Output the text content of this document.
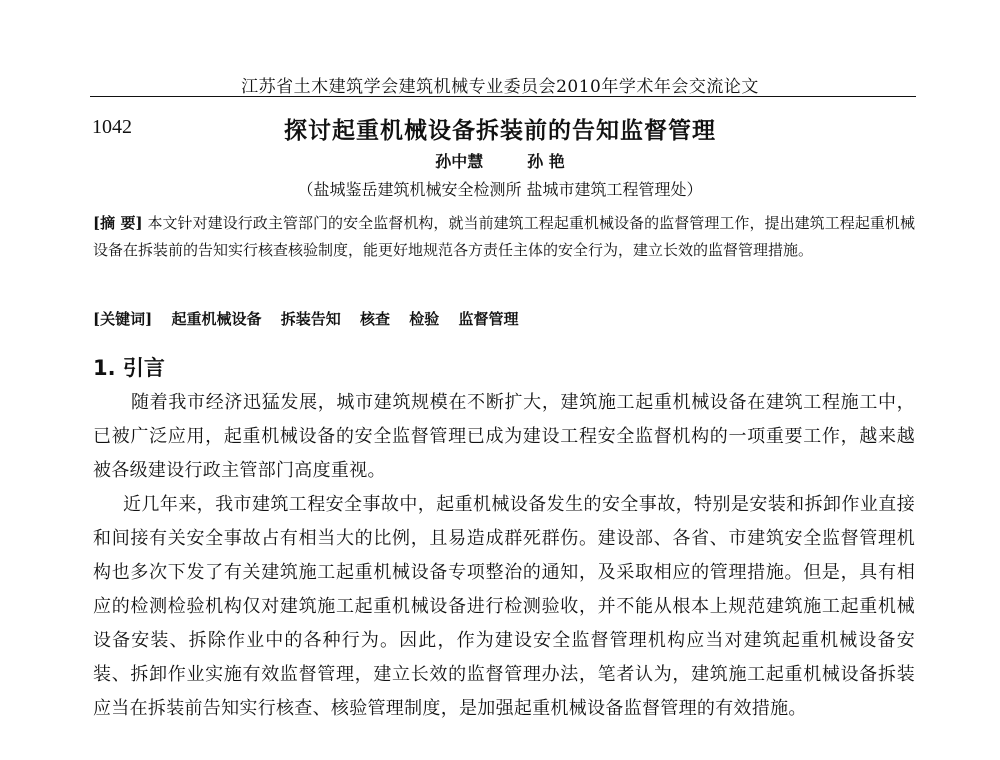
江苏省土木建筑学会建筑机械专业委员会2010年学术年会交流论文
1042	探讨起重机械设备拆装前的告知监督管理
孙中慧	孙 艳
（盐城鉴岳建筑机械安全检测所 盐城市建筑工程管理处）
[摘 要] 本文针对建设行政主管部门的安全监督机构，就当前建筑工程起重机械设备的监督管理工作，提出建筑工程起重机械设备在拆装前的告知实行核查核验制度，能更好地规范各方责任主体的安全行为，建立长效的监督管理措施。
[关键词] 起重机械设备 拆装告知 核查 检验 监督管理
1. 引言
随着我市经济迅猛发展，城市建筑规模在不断扩大，建筑施工起重机械设备在建筑工程施工中，已被广泛应用，起重机械设备的安全监督管理已成为建设工程安全监督机构的一项重要工作，越来越被各级建设行政主管部门高度重视。
近几年来，我市建筑工程安全事故中，起重机械设备发生的安全事故，特别是安装和拆卸作业直接和间接有关安全事故占有相当大的比例，且易造成群死群伤。建设部、各省、市建筑安全监督管理机构也多次下发了有关建筑施工起重机械设备专项整治的通知，及采取相应的管理措施。但是，具有相应的检测检验机构仅对建筑施工起重机械设备进行检测验收，并不能从根本上规范建筑施工起重机械设备安装、拆除作业中的各种行为。因此，作为建设安全监督管理机构应当对建筑起重机械设备安装、拆卸作业实施有效监督管理，建立长效的监督管理办法，笔者认为，建筑施工起重机械设备拆装应当在拆装前告知实行核查、核验管理制度，是加强起重机械设备监督管理的有效措施。
